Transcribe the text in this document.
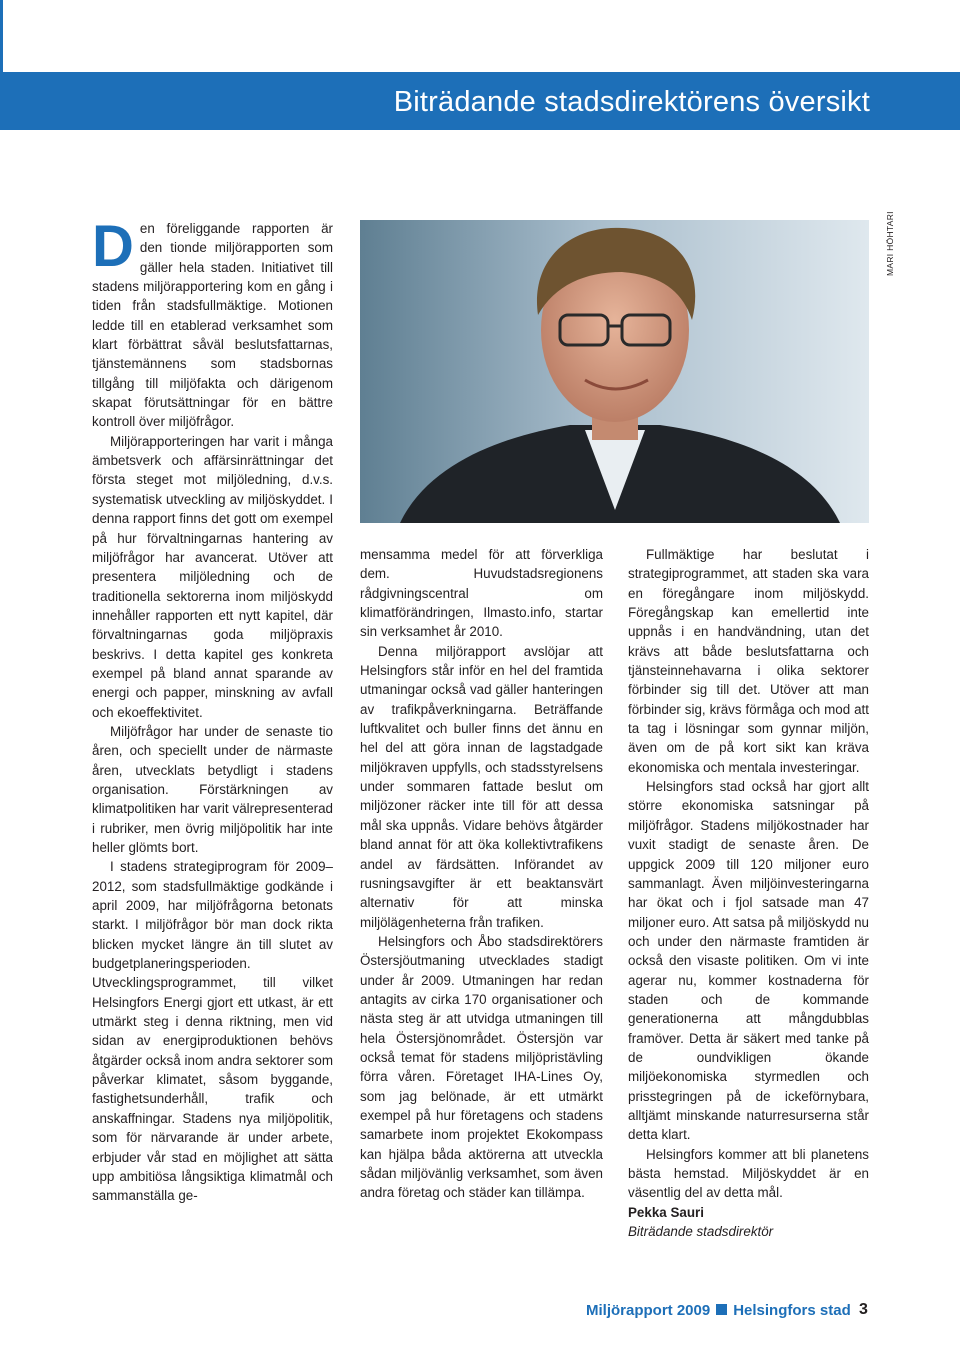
Biträdande stadsdirektörens översikt

Den föreliggande rapporten är den tionde miljörapporten som gäller hela staden. Initiativet till stadens miljörapportering kom en gång i tiden från stadsfullmäktige. Motionen ledde till en etablerad verksamhet som klart förbättrat såväl beslutsfattarnas, tjänstemännens som stadsbornas tillgång till miljöfakta och därigenom skapat förutsättningar för en bättre kontroll över miljöfrågor.

Miljörapporteringen har varit i många ämbetsverk och affärsinrättningar det första steget mot miljöledning, d.v.s. systematisk utveckling av miljöskyddet. I denna rapport finns det gott om exempel på hur förvaltningarnas hantering av miljöfrågor har avancerat. Utöver att presentera miljöledning och de traditionella sektorerna inom miljöskydd innehåller rapporten ett nytt kapitel, där förvaltningarnas goda miljöpraxis beskrivs. I detta kapitel ges konkreta exempel på bland annat sparande av energi och papper, minskning av avfall och ekoeffektivitet.

Miljöfrågor har under de senaste tio åren, och speciellt under de närmaste åren, utvecklats betydligt i stadens organisation. Förstärkningen av klimatpolitiken har varit välrepresenterad i rubriker, men övrig miljöpolitik har inte heller glömts bort.

I stadens strategiprogram för 2009–2012, som stadsfullmäktige godkände i april 2009, har miljöfrågorna betonats starkt. I miljöfrågor bör man dock rikta blicken mycket längre än till slutet av budgetplaneringsperioden. Utvecklingsprogrammet, till vilket Helsingfors Energi gjort ett utkast, är ett utmärkt steg i denna riktning, men vid sidan av energiproduktionen behövs åtgärder också inom andra sektorer som påverkar klimatet, såsom byggande, fastighetsunderhåll, trafik och anskaffningar. Stadens nya miljöpolitik, som för närvarande är under arbete, erbjuder vår stad en möjlighet att sätta upp ambitiösa långsiktiga klimatmål och sammanställa ge-

MARI HÖHTARI

mensamma medel för att förverkliga dem. Huvudstadsregionens rådgivningscentral om klimatförändringen, Ilmasto.info, startar sin verksamhet år 2010.

Denna miljörapport avslöjar att Helsingfors står inför en hel del framtida utmaningar också vad gäller hanteringen av trafikpåverkningarna. Beträffande luftkvalitet och buller finns det ännu en hel del att göra innan de lagstadgade miljökraven uppfylls, och stadsstyrelsens under sommaren fattade beslut om miljözoner räcker inte till för att dessa mål ska uppnås. Vidare behövs åtgärder bland annat för att öka kollektivtrafikens andel av färdsätten. Införandet av rusningsavgifter är ett beaktansvärt alternativ för att minska miljölägenheterna från trafiken.

Helsingfors och Åbo stadsdirektörers Östersjöutmaning utvecklades stadigt under år 2009. Utmaningen har redan antagits av cirka 170 organisationer och nästa steg är att utvidga utmaningen till hela Östersjönområdet. Östersjön var också temat för stadens miljöpristävling förra våren. Företaget IHA-Lines Oy, som jag belönade, är ett utmärkt exempel på hur företagens och stadens samarbete inom projektet Ekokompass kan hjälpa båda aktörerna att utveckla sådan miljövänlig verksamhet, som även andra företag och städer kan tillämpa.

Fullmäktige har beslutat i strategiprogrammet, att staden ska vara en föregångare inom miljöskydd. Föregångskap kan emellertid inte uppnås i en handvändning, utan det krävs att både beslutsfattarna och tjänsteinnehavarna i olika sektorer förbinder sig till det. Utöver att man förbinder sig, krävs förmåga och mod att ta tag i lösningar som gynnar miljön, även om de på kort sikt kan kräva ekonomiska och mentala investeringar.

Helsingfors stad också har gjort allt större ekonomiska satsningar på miljöfrågor. Stadens miljökostnader har vuxit stadigt de senaste åren. De uppgick 2009 till 120 miljoner euro sammanlagt. Även miljöinvesteringarna har ökat och i fjol satsade man 47 miljoner euro. Att satsa på miljöskydd nu och under den närmaste framtiden är också den visaste politiken. Om vi inte agerar nu, kommer kostnaderna för staden och de kommande generationerna att mångdubblas framöver. Detta är säkert med tanke på de oundvikligen ökande miljöekonomiska styrmedlen och prisstegringen på de ickeförnybara, alltjämt minskande naturresurserna står detta klart.

Helsingfors kommer att bli planetens bästa hemstad. Miljöskyddet är en väsentlig del av detta mål.

Pekka Sauri

Biträdande stadsdirektör

Miljörapport 2009 Helsingfors stad 3
